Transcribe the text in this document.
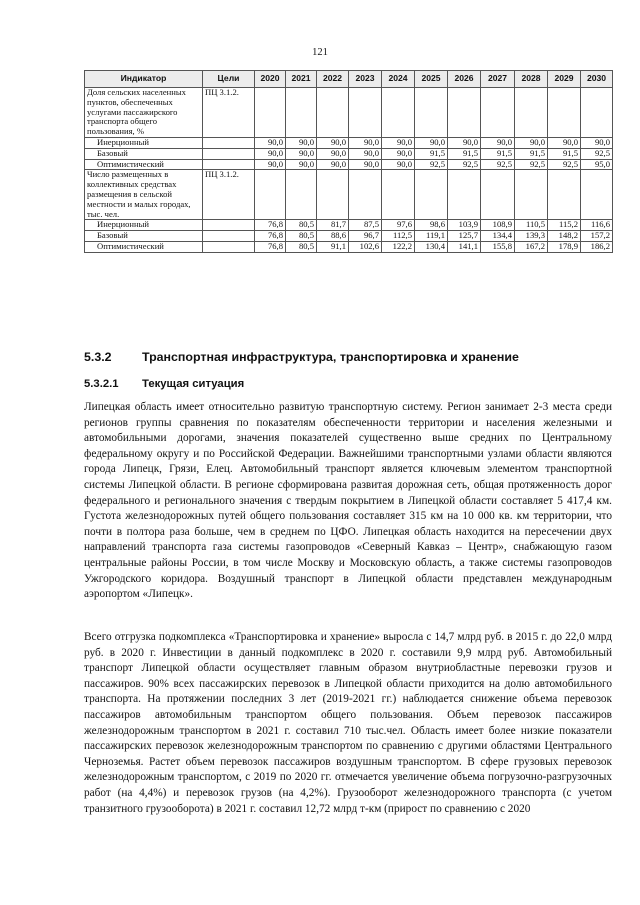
121
Индикатор	Цели	2020	2021	2022	2023	2024	2025	2026	2027	2028	2029	2030
Доля сельских населенных пунктов, обеспеченных услугами пассажирского транспорта общего пользования, %	ПЦ 3.1.2.											
Инерционный		90,0	90,0	90,0	90,0	90,0	90,0	90,0	90,0	90,0	90,0	90,0
Базовый		90,0	90,0	90,0	90,0	90,0	91,5	91,5	91,5	91,5	91,5	92,5
Оптимистический		90,0	90,0	90,0	90,0	90,0	92,5	92,5	92,5	92,5	92,5	95,0
Число размещенных в коллективных средствах размещения в сельской местности и малых городах, тыс. чел.	ПЦ 3.1.2.											
Инерционный		76,8	80,5	81,7	87,5	97,6	98,6	103,9	108,9	110,5	115,2	116,6
Базовый		76,8	80,5	88,6	96,7	112,5	119,1	125,7	134,4	139,3	148,2	157,2
Оптимистический		76,8	80,5	91,1	102,6	122,2	130,4	141,1	155,8	167,2	178,9	186,2
5.3.2 Транспортная инфраструктура, транспортировка и хранение
5.3.2.1 Текущая ситуация

Липецкая область имеет относительно развитую транспортную систему. Регион занимает 2-3 места среди регионов группы сравнения по показателям обеспеченности территории и населения железными и автомобильными дорогами, значения показателей существенно выше средних по Центральному федеральному округу и по Российской Федерации. Важнейшими транспортными узлами области являются города Липецк, Грязи, Елец. Автомобильный транспорт является ключевым элементом транспортной системы Липецкой области. В регионе сформирована развитая дорожная сеть, общая протяженность дорог федерального и регионального значения с твердым покрытием в Липецкой области составляет 5 417,4 км. Густота железнодорожных путей общего пользования составляет 315 км на 10 000 кв. км территории, что почти в полтора раза больше, чем в среднем по ЦФО. Липецкая область находится на пересечении двух направлений транспорта газа системы газопроводов «Северный Кавказ – Центр», снабжающую газом центральные районы России, в том числе Москву и Московскую область, а также системы газопроводов Ужгородского коридора. Воздушный транспорт в Липецкой области представлен международным аэропортом «Липецк».

Всего отгрузка подкомплекса «Транспортировка и хранение» выросла с 14,7 млрд руб. в 2015 г. до 22,0 млрд руб. в 2020 г. Инвестиции в данный подкомплекс в 2020 г. составили 9,9 млрд руб. Автомобильный транспорт Липецкой области осуществляет главным образом внутриобластные перевозки грузов и пассажиров. 90% всех пассажирских перевозок в Липецкой области приходится на долю автомобильного транспорта. На протяжении последних 3 лет (2019-2021 гг.) наблюдается снижение объема перевозок пассажиров автомобильным транспортом общего пользования. Объем перевозок пассажиров железнодорожным транспортом в 2021 г. составил 710 тыс.чел. Область имеет более низкие показатели пассажирских перевозок железнодорожным транспортом по сравнению с другими областями Центрального Черноземья. Растет объем перевозок пассажиров воздушным транспортом. В сфере грузовых перевозок железнодорожным транспортом, с 2019 по 2020 гг. отмечается увеличение объема погрузочно-разгрузочных работ (на 4,4%) и перевозок грузов (на 4,2%). Грузооборот железнодорожного транспорта (с учетом транзитного грузооборота) в 2021 г. составил 12,72 млрд т-км (прирост по сравнению с 2020
